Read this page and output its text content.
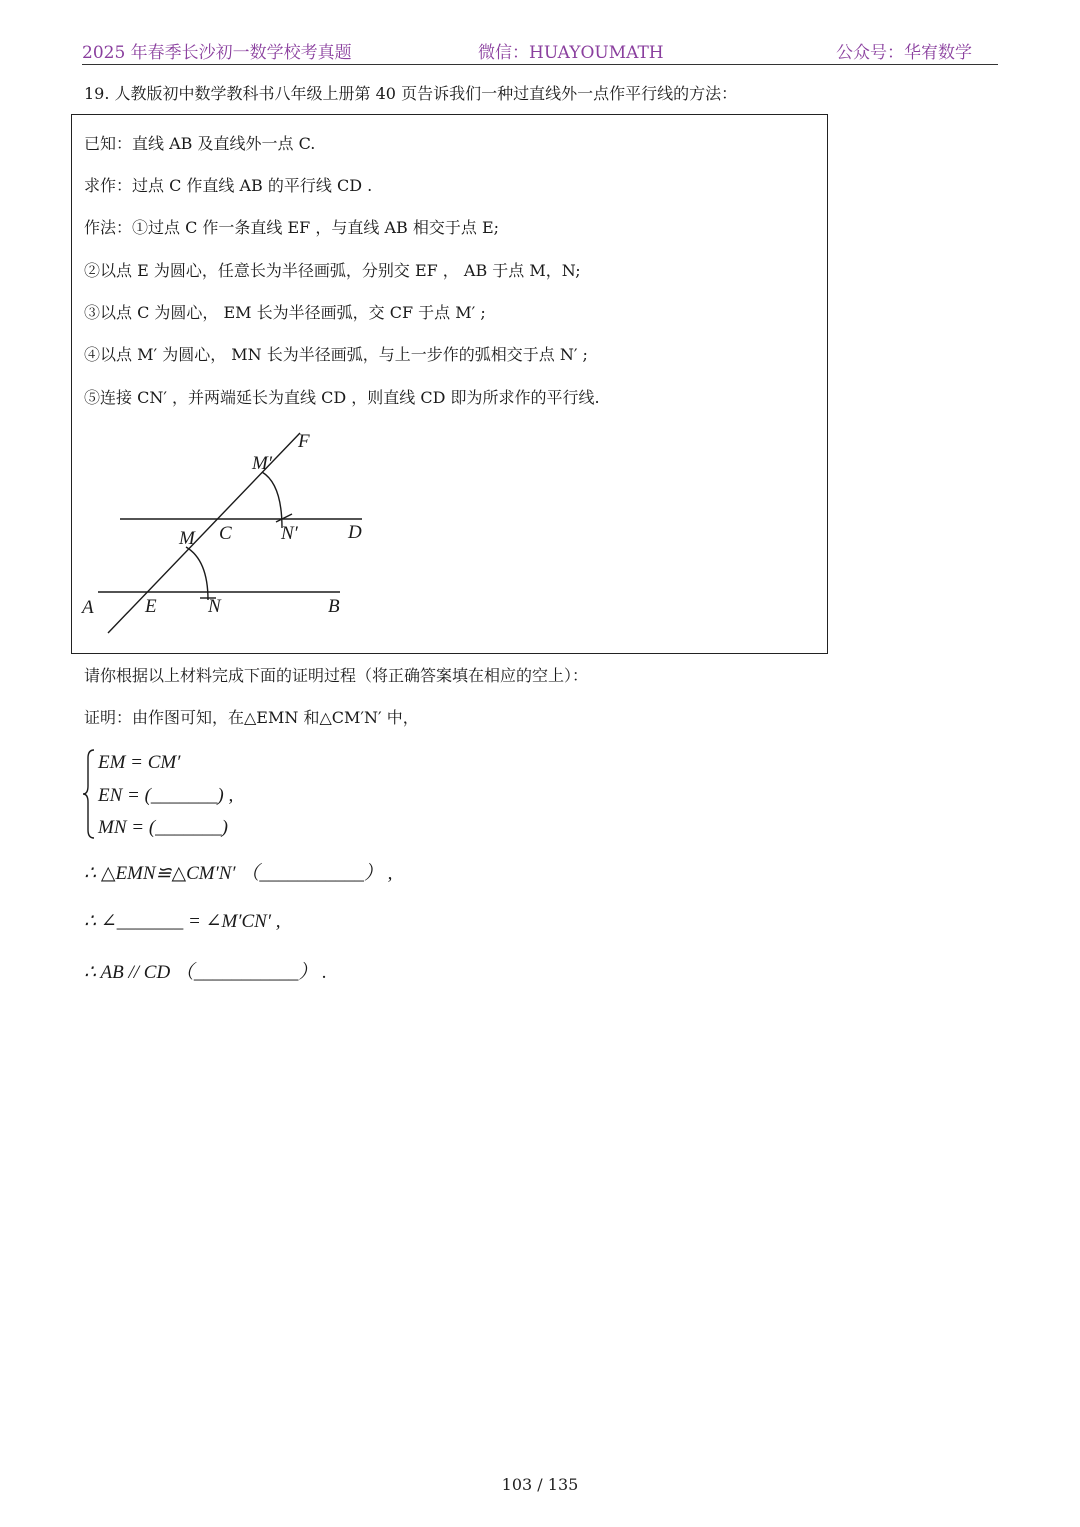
2025 年春季长沙初一数学校考真题	微信：HUAYOUMATH	公众号：华宥数学
19. 人教版初中数学教科书八年级上册第 40 页告诉我们一种过直线外一点作平行线的方法：
已知：直线 AB 及直线外一点 C.
求作：过点 C 作直线 AB 的平行线 CD .
作法：①过点 C 作一条直线 EF ，与直线 AB 相交于点 E;
②以点 E 为圆心，任意长为半径画弧，分别交 EF ， AB 于点 M，N;
③以点 C 为圆心， EM 长为半径画弧，交 CF 于点 M′ ;
④以点 M′ 为圆心， MN 长为半径画弧，与上一步作的弧相交于点 N′ ;
⑤连接 CN′ ，并两端延长为直线 CD ，则直线 CD 即为所求作的平行线.
F
M′
C	N′	D
M
A	E	N	B
请你根据以上材料完成下面的证明过程（将正确答案填在相应的空上）：
证明：由作图可知，在△EMN 和△CM′N′ 中，
EM = CM′
EN = (_______) ,
MN = (_______)
∴ △EMN≌△CM′N′ （___________） ,
∴ ∠_______ = ∠M′CN′ ,
∴ AB // CD （___________） .
103 / 135
